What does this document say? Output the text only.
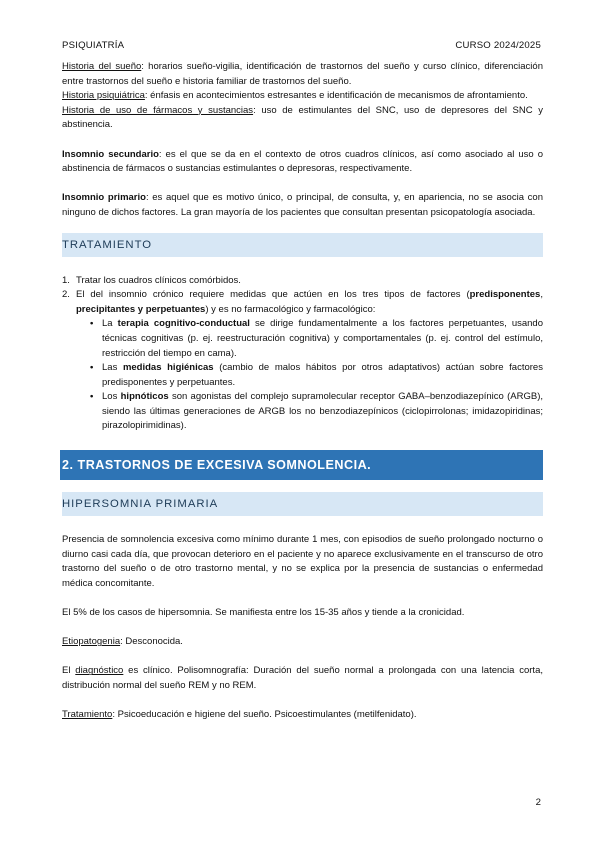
PSIQUIATRÍA	CURSO 2024/2025

Historia del sueño: horarios sueño-vigilia, identificación de trastornos del sueño y curso clínico, diferenciación entre trastornos del sueño e historia familiar de trastornos del sueño.
Historia psiquiátrica: énfasis en acontecimientos estresantes e identificación de mecanismos de afrontamiento.
Historia de uso de fármacos y sustancias: uso de estimulantes del SNC, uso de depresores del SNC y abstinencia.

Insomnio secundario: es el que se da en el contexto de otros cuadros clínicos, así como asociado al uso o abstinencia de fármacos o sustancias estimulantes o depresoras, respectivamente.

Insomnio primario: es aquel que es motivo único, o principal, de consulta, y, en apariencia, no se asocia con ninguno de dichos factores. La gran mayoría de los pacientes que consultan presentan psicopatología asociada.

TRATAMIENTO
1. Tratar los cuadros clínicos comórbidos.
2. El del insomnio crónico requiere medidas que actúen en los tres tipos de factores (predisponentes, precipitantes y perpetuantes) y es no farmacológico y farmacológico:
• La terapia cognitivo-conductual se dirige fundamentalmente a los factores perpetuantes, usando técnicas cognitivas (p. ej. reestructuración cognitiva) y comportamentales (p. ej. control del estímulo, restricción del tiempo en cama).
• Las medidas higiénicas (cambio de malos hábitos por otros adaptativos) actúan sobre factores predisponentes y perpetuantes.
• Los hipnóticos son agonistas del complejo supramolecular receptor GABA–benzodiazepínico (ARGB), siendo las últimas generaciones de ARGB los no benzodiazepínicos (ciclopirrolonas; imidazopiridinas; pirazolopirimidinas).
2. TRASTORNOS DE EXCESIVA SOMNOLENCIA.
HIPERSOMNIA PRIMARIA

Presencia de somnolencia excesiva como mínimo durante 1 mes, con episodios de sueño prolongado nocturno o diurno casi cada día, que provocan deterioro en el paciente y no aparece exclusivamente en el transcurso de otro trastorno del sueño o de otro trastorno mental, y no se explica por la presencia de sustancias o enfermedad médica concomitante.

El 5% de los casos de hipersomnia. Se manifiesta entre los 15-35 años y tiende a la cronicidad.

Etiopatogenia: Desconocida.

El diagnóstico es clínico. Polisomnografía: Duración del sueño normal a prolongada con una latencia corta, distribución normal del sueño REM y no REM.

Tratamiento: Psicoeducación e higiene del sueño. Psicoestimulantes (metilfenidato).

2
